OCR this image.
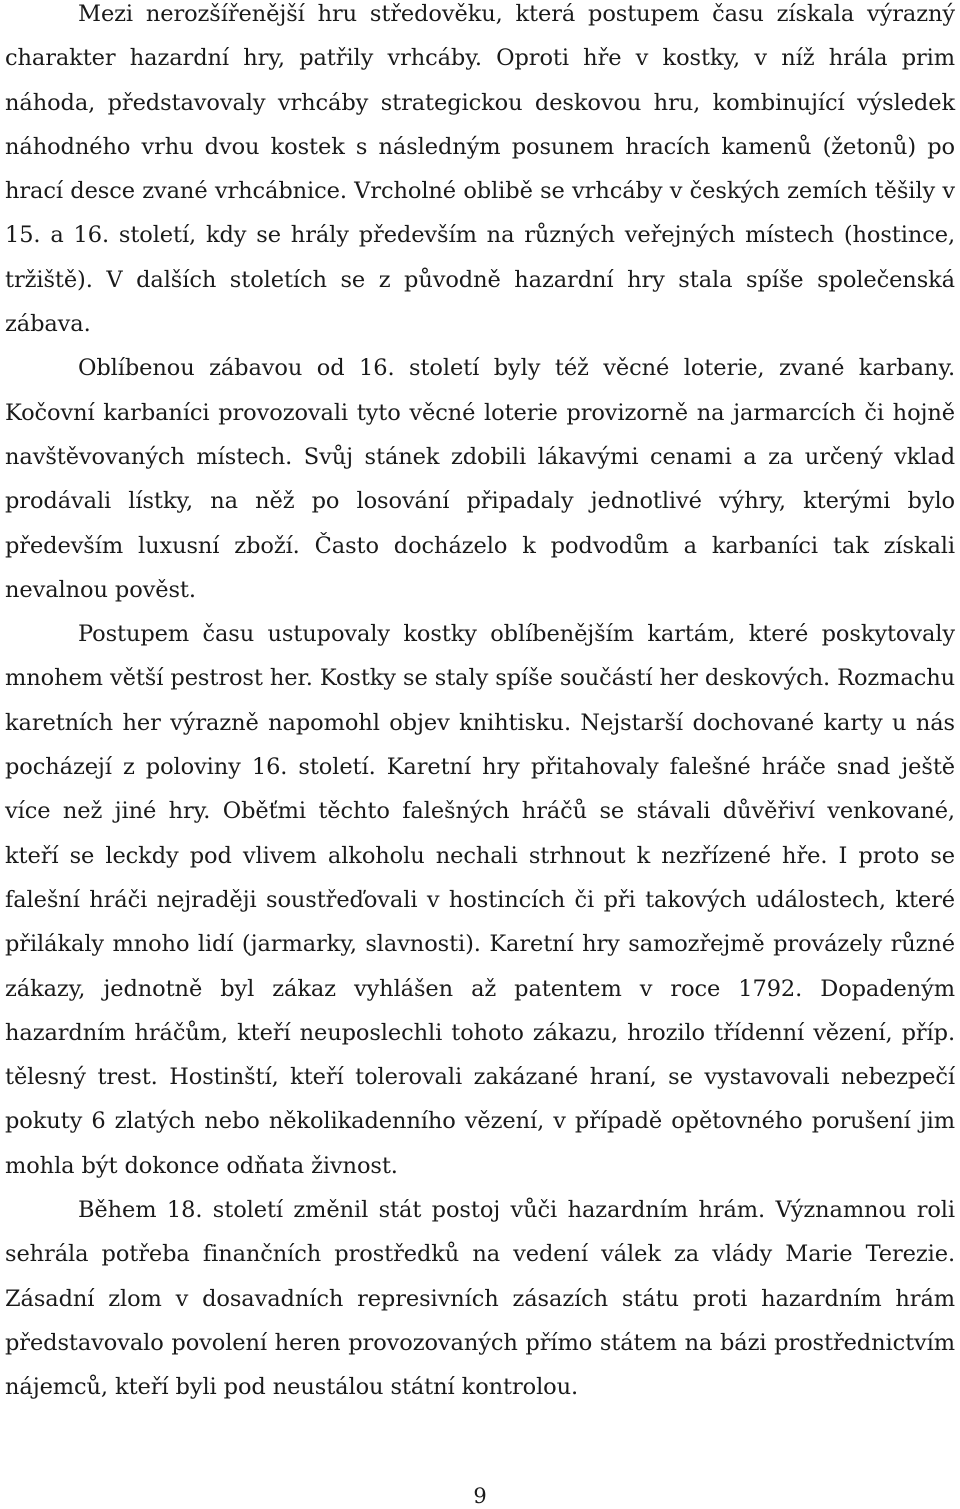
Mezi nerozšířenější hru středověku, která postupem času získala výrazný charakter hazardní hry, patřily vrhcáby. Oproti hře v kostky, v níž hrála prim náhoda, představovaly vrhcáby strategickou deskovou hru, kombinující výsledek náhodného vrhu dvou kostek s následným posunem hracích kamenů (žetonů) po hrací desce zvané vrhcábnice. Vrcholné oblibě se vrhcáby v českých zemích těšily v 15. a 16. století, kdy se hrály především na různých veřejných místech (hostince, tržiště). V dalších stoletích se z původně hazardní hry stala spíše společenská zábava.

Oblíbenou zábavou od 16. století byly též věcné loterie, zvané karbany. Kočovní karbaníci provozovali tyto věcné loterie provizorně na jarmarcích či hojně navštěvovaných místech. Svůj stánek zdobili lákavými cenami a za určený vklad prodávali lístky, na něž po losování připadaly jednotlivé výhry, kterými bylo především luxusní zboží. Často docházelo k podvodům a karbaníci tak získali nevalnou pověst.

Postupem času ustupovaly kostky oblíbenějším kartám, které poskytovaly mnohem větší pestrost her. Kostky se staly spíše součástí her deskových. Rozmachu karetních her výrazně napomohl objev knihtisku. Nejstarší dochované karty u nás pocházejí z poloviny 16. století. Karetní hry přitahovaly falešné hráče snad ještě více než jiné hry. Oběťmi těchto falešných hráčů se stávali důvěřiví venkované, kteří se leckdy pod vlivem alkoholu nechali strhnout k nezřízené hře. I proto se falešní hráči nejraději soustřeďovali v hostincích či při takových událostech, které přilákaly mnoho lidí (jarmarky, slavnosti). Karetní hry samozřejmě provázely různé zákazy, jednotně byl zákaz vyhlášen až patentem v roce 1792. Dopadeným hazardním hráčům, kteří neuposlechli tohoto zákazu, hrozilo třídenní vězení, příp. tělesný trest. Hostinští, kteří tolerovali zakázané hraní, se vystavovali nebezpečí pokuty 6 zlatých nebo několikadenního vězení, v případě opětovného porušení jim mohla být dokonce odňata živnost.

Během 18. století změnil stát postoj vůči hazardním hrám. Významnou roli sehrála potřeba finančních prostředků na vedení válek za vlády Marie Terezie. Zásadní zlom v dosavadních represivních zásazích státu proti hazardním hrám představovalo povolení heren provozovaných přímo státem na bázi prostřednictvím nájemců, kteří byli pod neustálou státní kontrolou.

9
